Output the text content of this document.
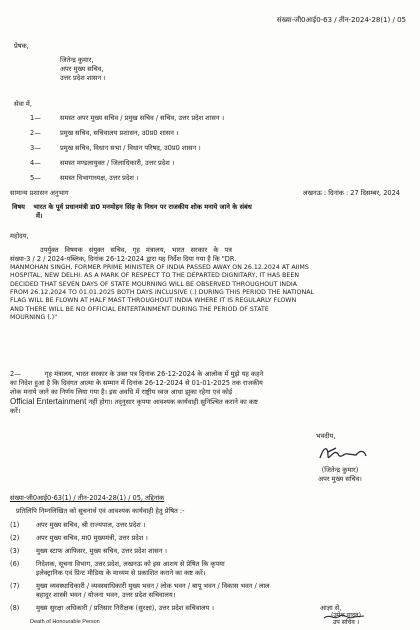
संख्या-जी0आई0-63 / तीन-2024-28(1) / 05
प्रेषक,

जितेन्द्र कुमार,

अपर मुख्य सचिव,

उत्तर प्रदेश शासन ।

सेवा में,
1—	समस्त अपर मुख्य सचिव / प्रमुख सचिव / सचिव, उत्तर प्रदेश शासन ।
2—	प्रमुख सचिव, सचिवालय प्रशासन, उ0प्र0 शासन ।
3—	प्रमुख सचिव, विधान सभा / विधान परिषद, उ0प्र0 शासन ।
4—	समस्त मण्डलायुक्त / जिलाधिकारी, उत्तर प्रदेश ।
5—	समस्त विभागाध्यक्ष, उत्तर प्रदेश ।
सामान्य प्रशासन अनुभाग	लखनऊ : दिनांक : 27 दिसम्बर, 2024
विषय भारत के पूर्व प्रधानमंत्री डा0 मनमोहन सिंह के निधन पर राजकीय शोक मनाये जाने के संबंध
में।
महोदय,

उपर्युक्त विषयक संयुक्त सचिव, गृह मंत्रालय, भारत सरकार के पत्र

संख्या-3 / 2 / 2024-पब्लिक, दिनांक 26-12-2024 द्वारा यह निर्देश दिया गया है कि "DR.

MANMOHAN SINGH, FORMER PRIME MINISTER OF INDIA PASSED AWAY ON 26.12.2024 AT AIIMS

HOSPITAL, NEW DELHI. AS A MARK OF RESPECT TO THE DEPARTED DIGNITARY, IT HAS BEEN

DECIDED THAT SEVEN DAYS OF STATE MOURNING WILL BE OBSERVED THROUGHOUT INDIA

FROM 26.12.2024 TO 01.01.2025 BOTH DAYS INCLUSIVE (.) DURING THIS PERIOD THE NATIONAL

FLAG WILL BE FLOWN AT HALF MAST THROUGHOUT INDIA WHERE IT IS REGULARLY FLOWN

AND THERE WILL BE NO OFFICIAL ENTERTAINMENT DURING THE PERIOD OF STATE

MOURNING (.)"

2—	गृह मंत्रालय, भारत सरकार के उक्त पत्र दिनांक 26-12-2024 के आलोक में मुझे यह कहने

का निदेश हुआ है कि दिवंगत आत्मा के सम्मान में दिनांक 26-12-2024 से 01-01-2025 तक राजकीय

शोक मनाये जाने का निर्णय लिया गया है। इस अवधि में राष्ट्रीय ध्वज आधा झुका रहेगा एवं कोई

Official Entertainment नहीं होगा। तद्नुसार कृपया आवश्यक कार्यवाही सुनिश्चित कराने का कष्ट

करें।

भवदीय,

(जितेन्द्र कुमार)

अपर मुख्य सचिव।

संख्या-जी0आई0-63(1) / तीन-2024-28(1) / 05, तद्दिनांक
प्रतिलिपि निम्नलिखित को सूचनार्थ एवं आवश्यक कार्यवाही हेतु प्रेषित :-
(1)	अपर मुख्य सचिव, श्री राज्यपाल, उत्तर प्रदेश ।
(2)	अपर मुख्य सचिव, मा0 मुख्यमंत्री, उत्तर प्रदेश ।
(3)	मुख्य स्टाफ आफिसर, मुख्य सचिव, उत्तर प्रदेश शासन ।
(6)	निदेशक, सूचना विभाग, उत्तर प्रदेश, लखनऊ को इस आशय से प्रेषित कि कृपया
इलेक्ट्रानिक एवं प्रिन्ट मीडिया के माध्यम से प्रकाशित कराने का कष्ट करें।
(7)	मुख्य व्यवस्थाधिकारी / व्यवस्थाधिकारी मुख्य भवन / लोक भवन / बापू भवन / विकास भवन / लाल
बहादुर शास्त्री भवन / योजना भवन, उत्तर प्रदेश सचिवालय।
(8)	मुख्य सुरक्षा अधिकारी / प्रतिसार निरीक्षक (सुरक्षा), उत्तर प्रदेश सचिवालय ।	आज्ञा से,

(उमेश यादव)

उप सचिव ।

Death of Honourable Person
